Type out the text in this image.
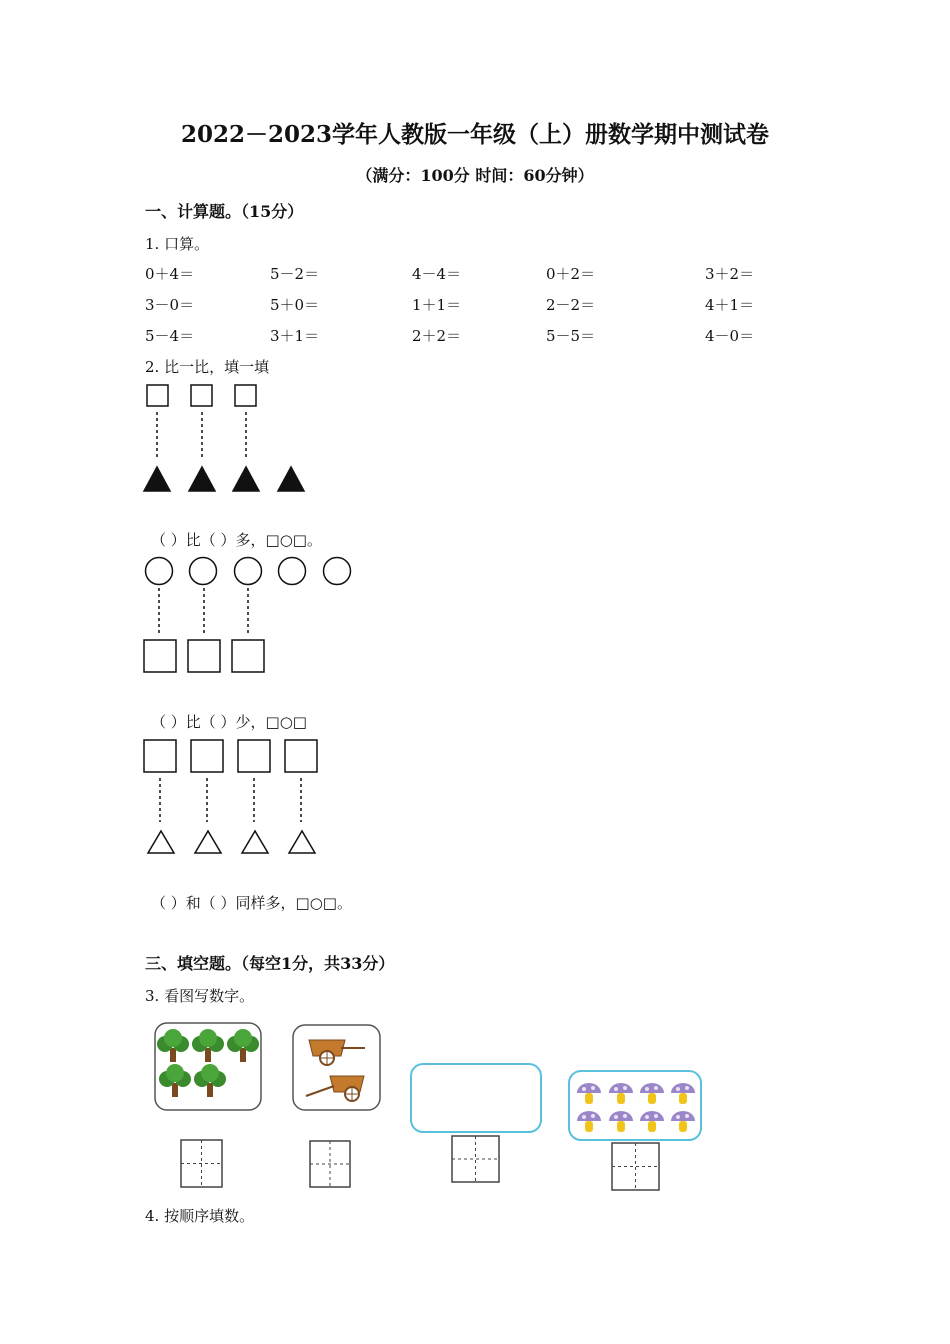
2022－2023学年人教版一年级（上）册数学期中测试卷
（满分：100分 时间：60分钟）
一、计算题。（15分）
1. 口算。
0＋4＝	5－2＝	4－4＝	0＋2＝	3＋2＝
3－0＝	5＋0＝	1＋1＝	2－2＝	4＋1＝
5－4＝	3＋1＝	2＋2＝	5－5＝	4－0＝
2. 比一比，填一填
（ ）比（ ）多，□○□。
（ ）比（ ）少，□○□
（ ）和（ ）同样多，□○□。
三、填空题。（每空1分，共33分）
3. 看图写数字。
4. 按顺序填数。
